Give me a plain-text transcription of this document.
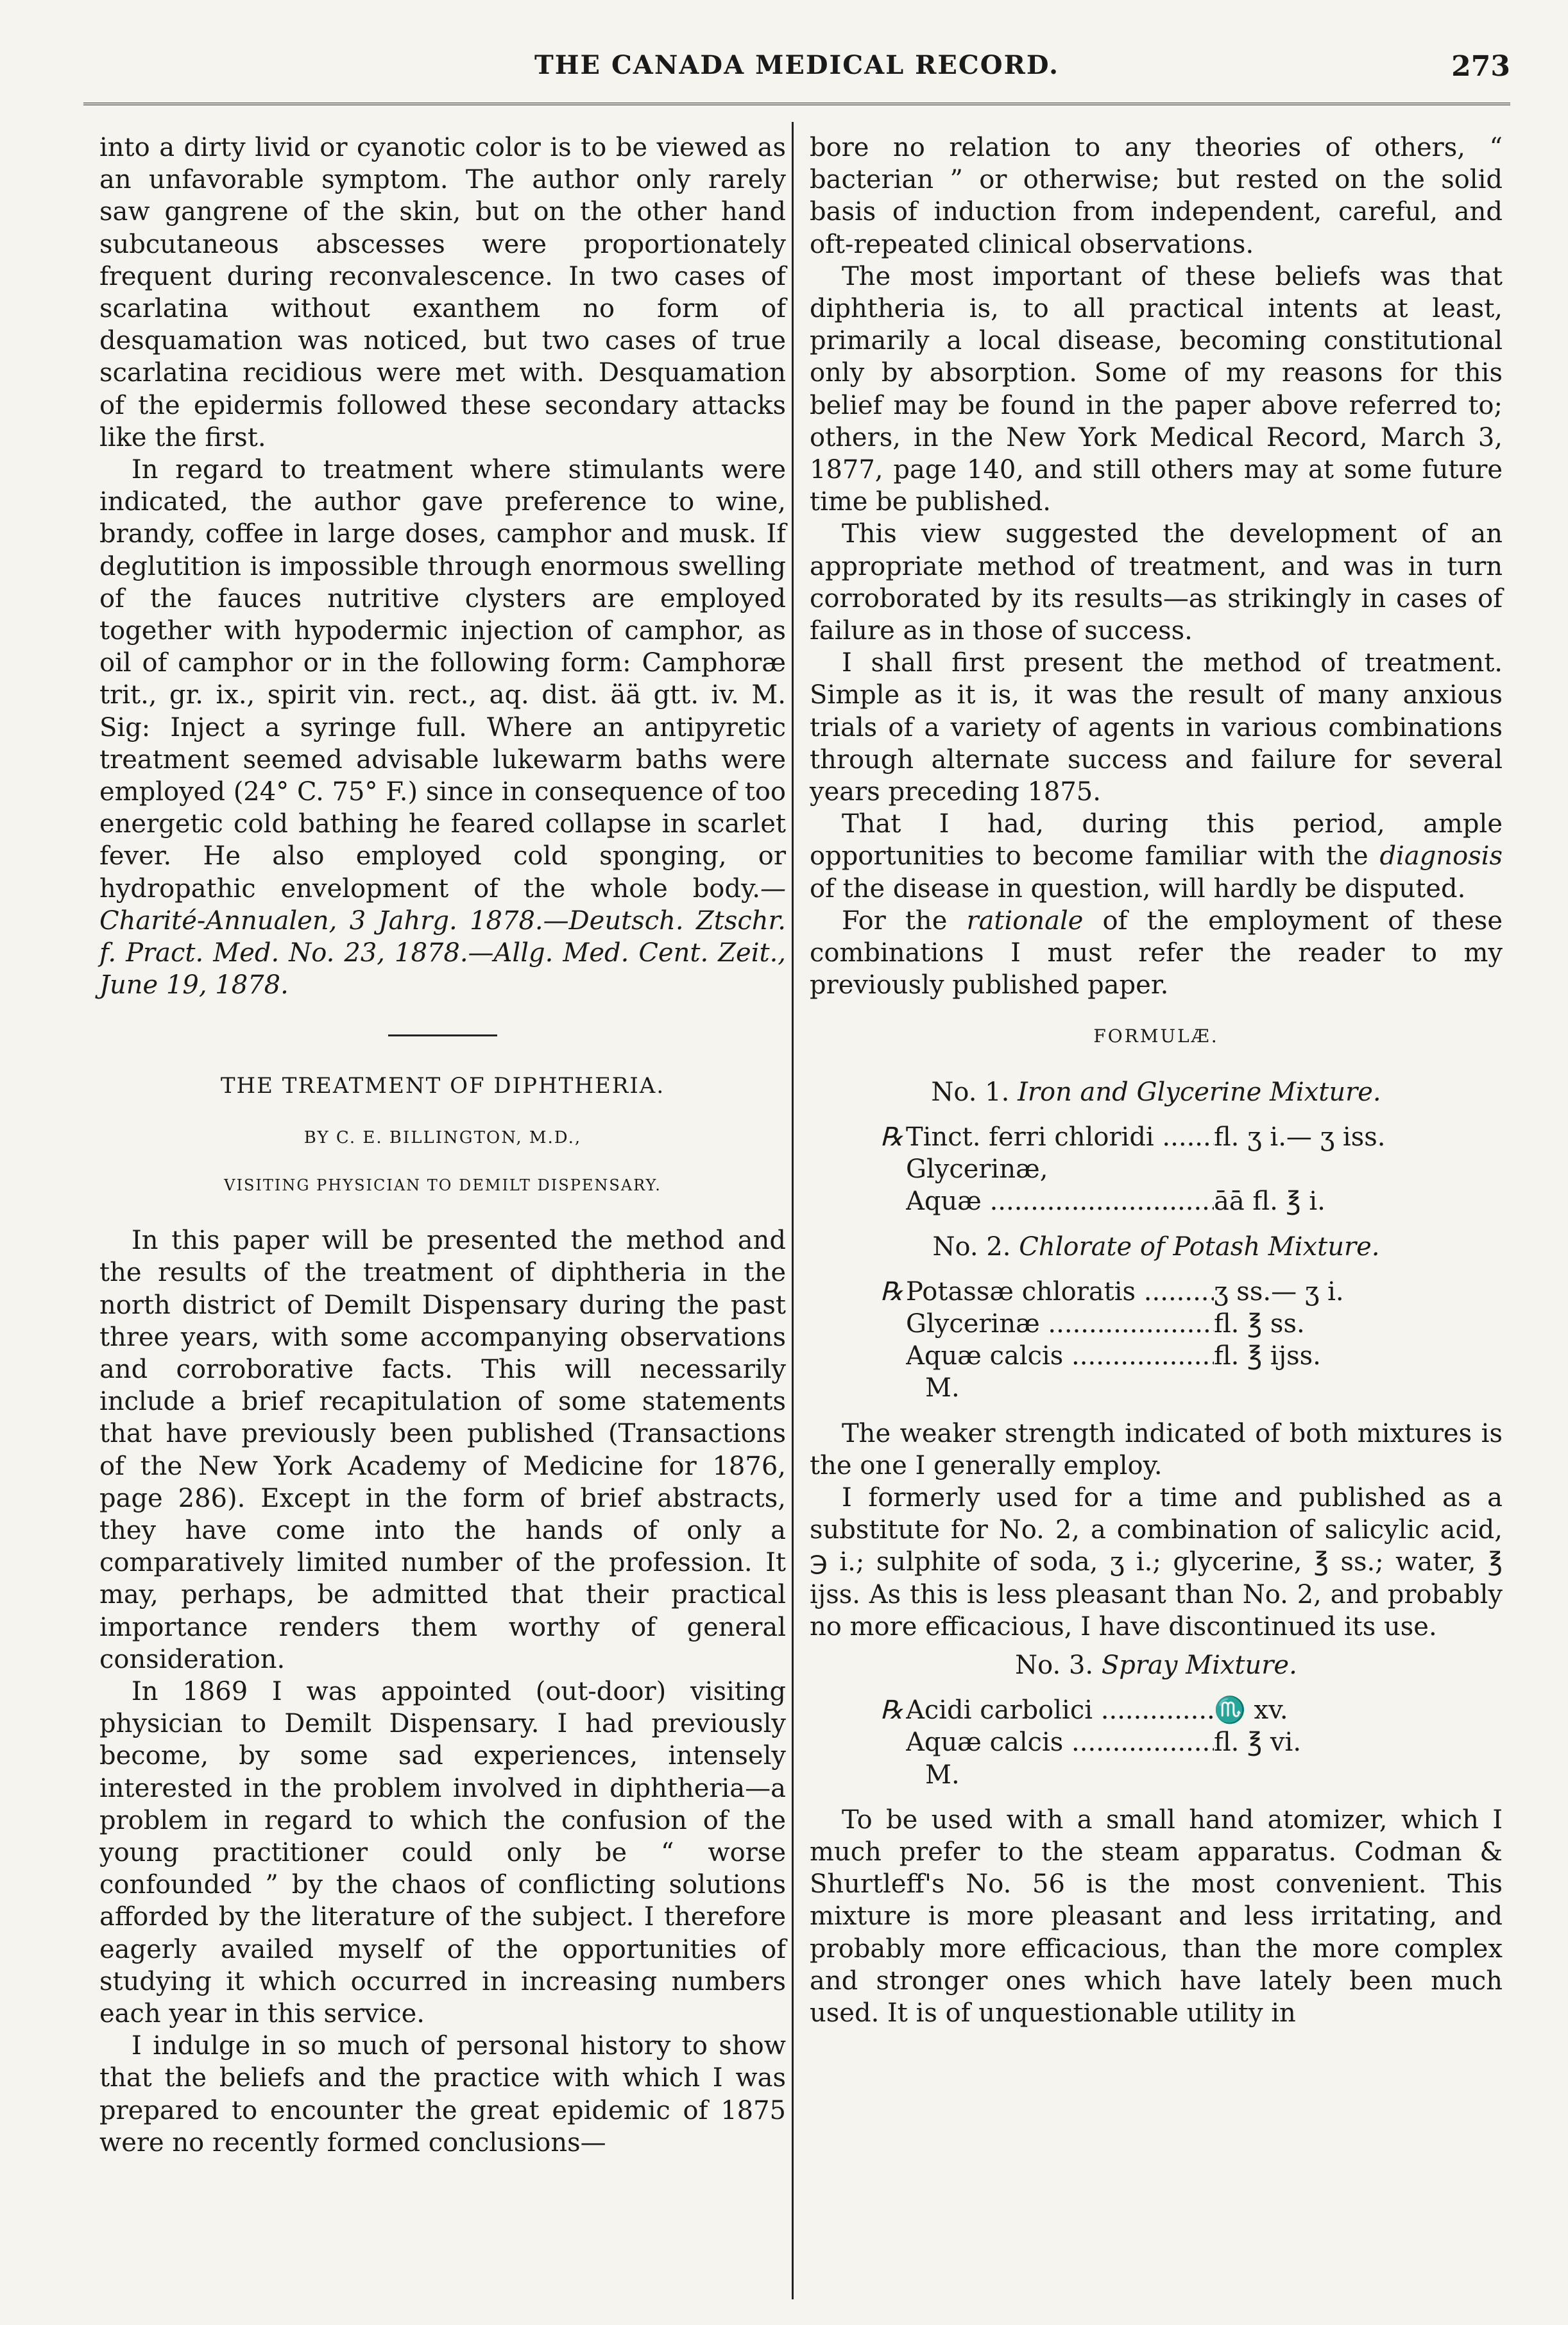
THE CANADA MEDICAL RECORD.	273

into a dirty livid or cyanotic color is to be viewed as an unfavorable symptom. The author only rarely saw gangrene of the skin, but on the other hand subcutaneous abscesses were proportionately frequent during reconvalescence. In two cases of scarlatina without exanthem no form of desquamation was noticed, but two cases of true scarlatina recidious were met with. Desquamation of the epidermis followed these secondary attacks like the first.

In regard to treatment where stimulants were indicated, the author gave preference to wine, brandy, coffee in large doses, camphor and musk. If deglutition is impossible through enormous swelling of the fauces nutritive clysters are employed together with hypodermic injection of camphor, as oil of camphor or in the following form: Camphoræ trit., gr. ix., spirit vin. rect., aq. dist. ää gtt. iv. M. Sig: Inject a syringe full. Where an antipyretic treatment seemed advisable lukewarm baths were employed (24° C. 75° F.) since in consequence of too energetic cold bathing he feared collapse in scarlet fever. He also employed cold sponging, or hydropathic envelopment of the whole body.—Charité-Annualen, 3 Jahrg. 1878.—Deutsch. Ztschr. f. Pract. Med. No. 23, 1878.—Allg. Med. Cent. Zeit., June 19, 1878.

THE TREATMENT OF DIPHTHERIA.
BY C. E. BILLINGTON, M.D.,
VISITING PHYSICIAN TO DEMILT DISPENSARY.

In this paper will be presented the method and the results of the treatment of diphtheria in the north district of Demilt Dispensary during the past three years, with some accompanying observations and corroborative facts. This will necessarily include a brief recapitulation of some statements that have previously been published (Transactions of the New York Academy of Medicine for 1876, page 286). Except in the form of brief abstracts, they have come into the hands of only a comparatively limited number of the profession. It may, perhaps, be admitted that their practical importance renders them worthy of general consideration.

In 1869 I was appointed (out-door) visiting physician to Demilt Dispensary. I had previously become, by some sad experiences, intensely interested in the problem involved in diphtheria—a problem in regard to which the confusion of the young practitioner could only be “ worse confounded ” by the chaos of conflicting solutions afforded by the literature of the subject. I therefore eagerly availed myself of the opportunities of studying it which occurred in increasing numbers each year in this service.

I indulge in so much of personal history to show that the beliefs and the practice with which I was prepared to encounter the great epidemic of 1875 were no recently formed conclusions—

bore no relation to any theories of others, “ bacterian ” or otherwise; but rested on the solid basis of induction from independent, careful, and oft-repeated clinical observations.

The most important of these beliefs was that diphtheria is, to all practical intents at least, primarily a local disease, becoming constitutional only by absorption. Some of my reasons for this belief may be found in the paper above referred to; others, in the New York Medical Record, March 3, 1877, page 140, and still others may at some future time be published.

This view suggested the development of an appropriate method of treatment, and was in turn corroborated by its results—as strikingly in cases of failure as in those of success.

I shall first present the method of treatment. Simple as it is, it was the result of many anxious trials of a variety of agents in various combinations through alternate success and failure for several years preceding 1875.

That I had, during this period, ample opportunities to become familiar with the diagnosis of the disease in question, will hardly be disputed.

For the rationale of the employment of these combinations I must refer the reader to my previously published paper.

FORMULÆ.
No. 1. Iron and Glycerine Mixture.
℞ Tinct. ferri chloridi .....	fl. ʒ i.— ʒ iss.
Glycerinæ,
Aquæ .....	āā fl. ℥ i.
No. 2. Chlorate of Potash Mixture.
℞ Potassæ chloratis .....	ʒ ss.— ʒ i.
Glycerinæ .....	fl. ℥ ss.
Aquæ calcis .....	fl. ℥ ijss.
M.

The weaker strength indicated of both mixtures is the one I generally employ.

I formerly used for a time and published as a substitute for No. 2, a combination of salicylic acid, ℈ i.; sulphite of soda, ʒ i.; glycerine, ℥ ss.; water, ℥ ijss. As this is less pleasant than No. 2, and probably no more efficacious, I have discontinued its use.

No. 3. Spray Mixture.
℞ Acidi carbolici .....	♏ xv.
Aquæ calcis .....	fl. ℥ vi.
M.

To be used with a small hand atomizer, which I much prefer to the steam apparatus. Codman & Shurtleff's No. 56 is the most convenient. This mixture is more pleasant and less irritating, and probably more efficacious, than the more complex and stronger ones which have lately been much used. It is of unquestionable utility in
